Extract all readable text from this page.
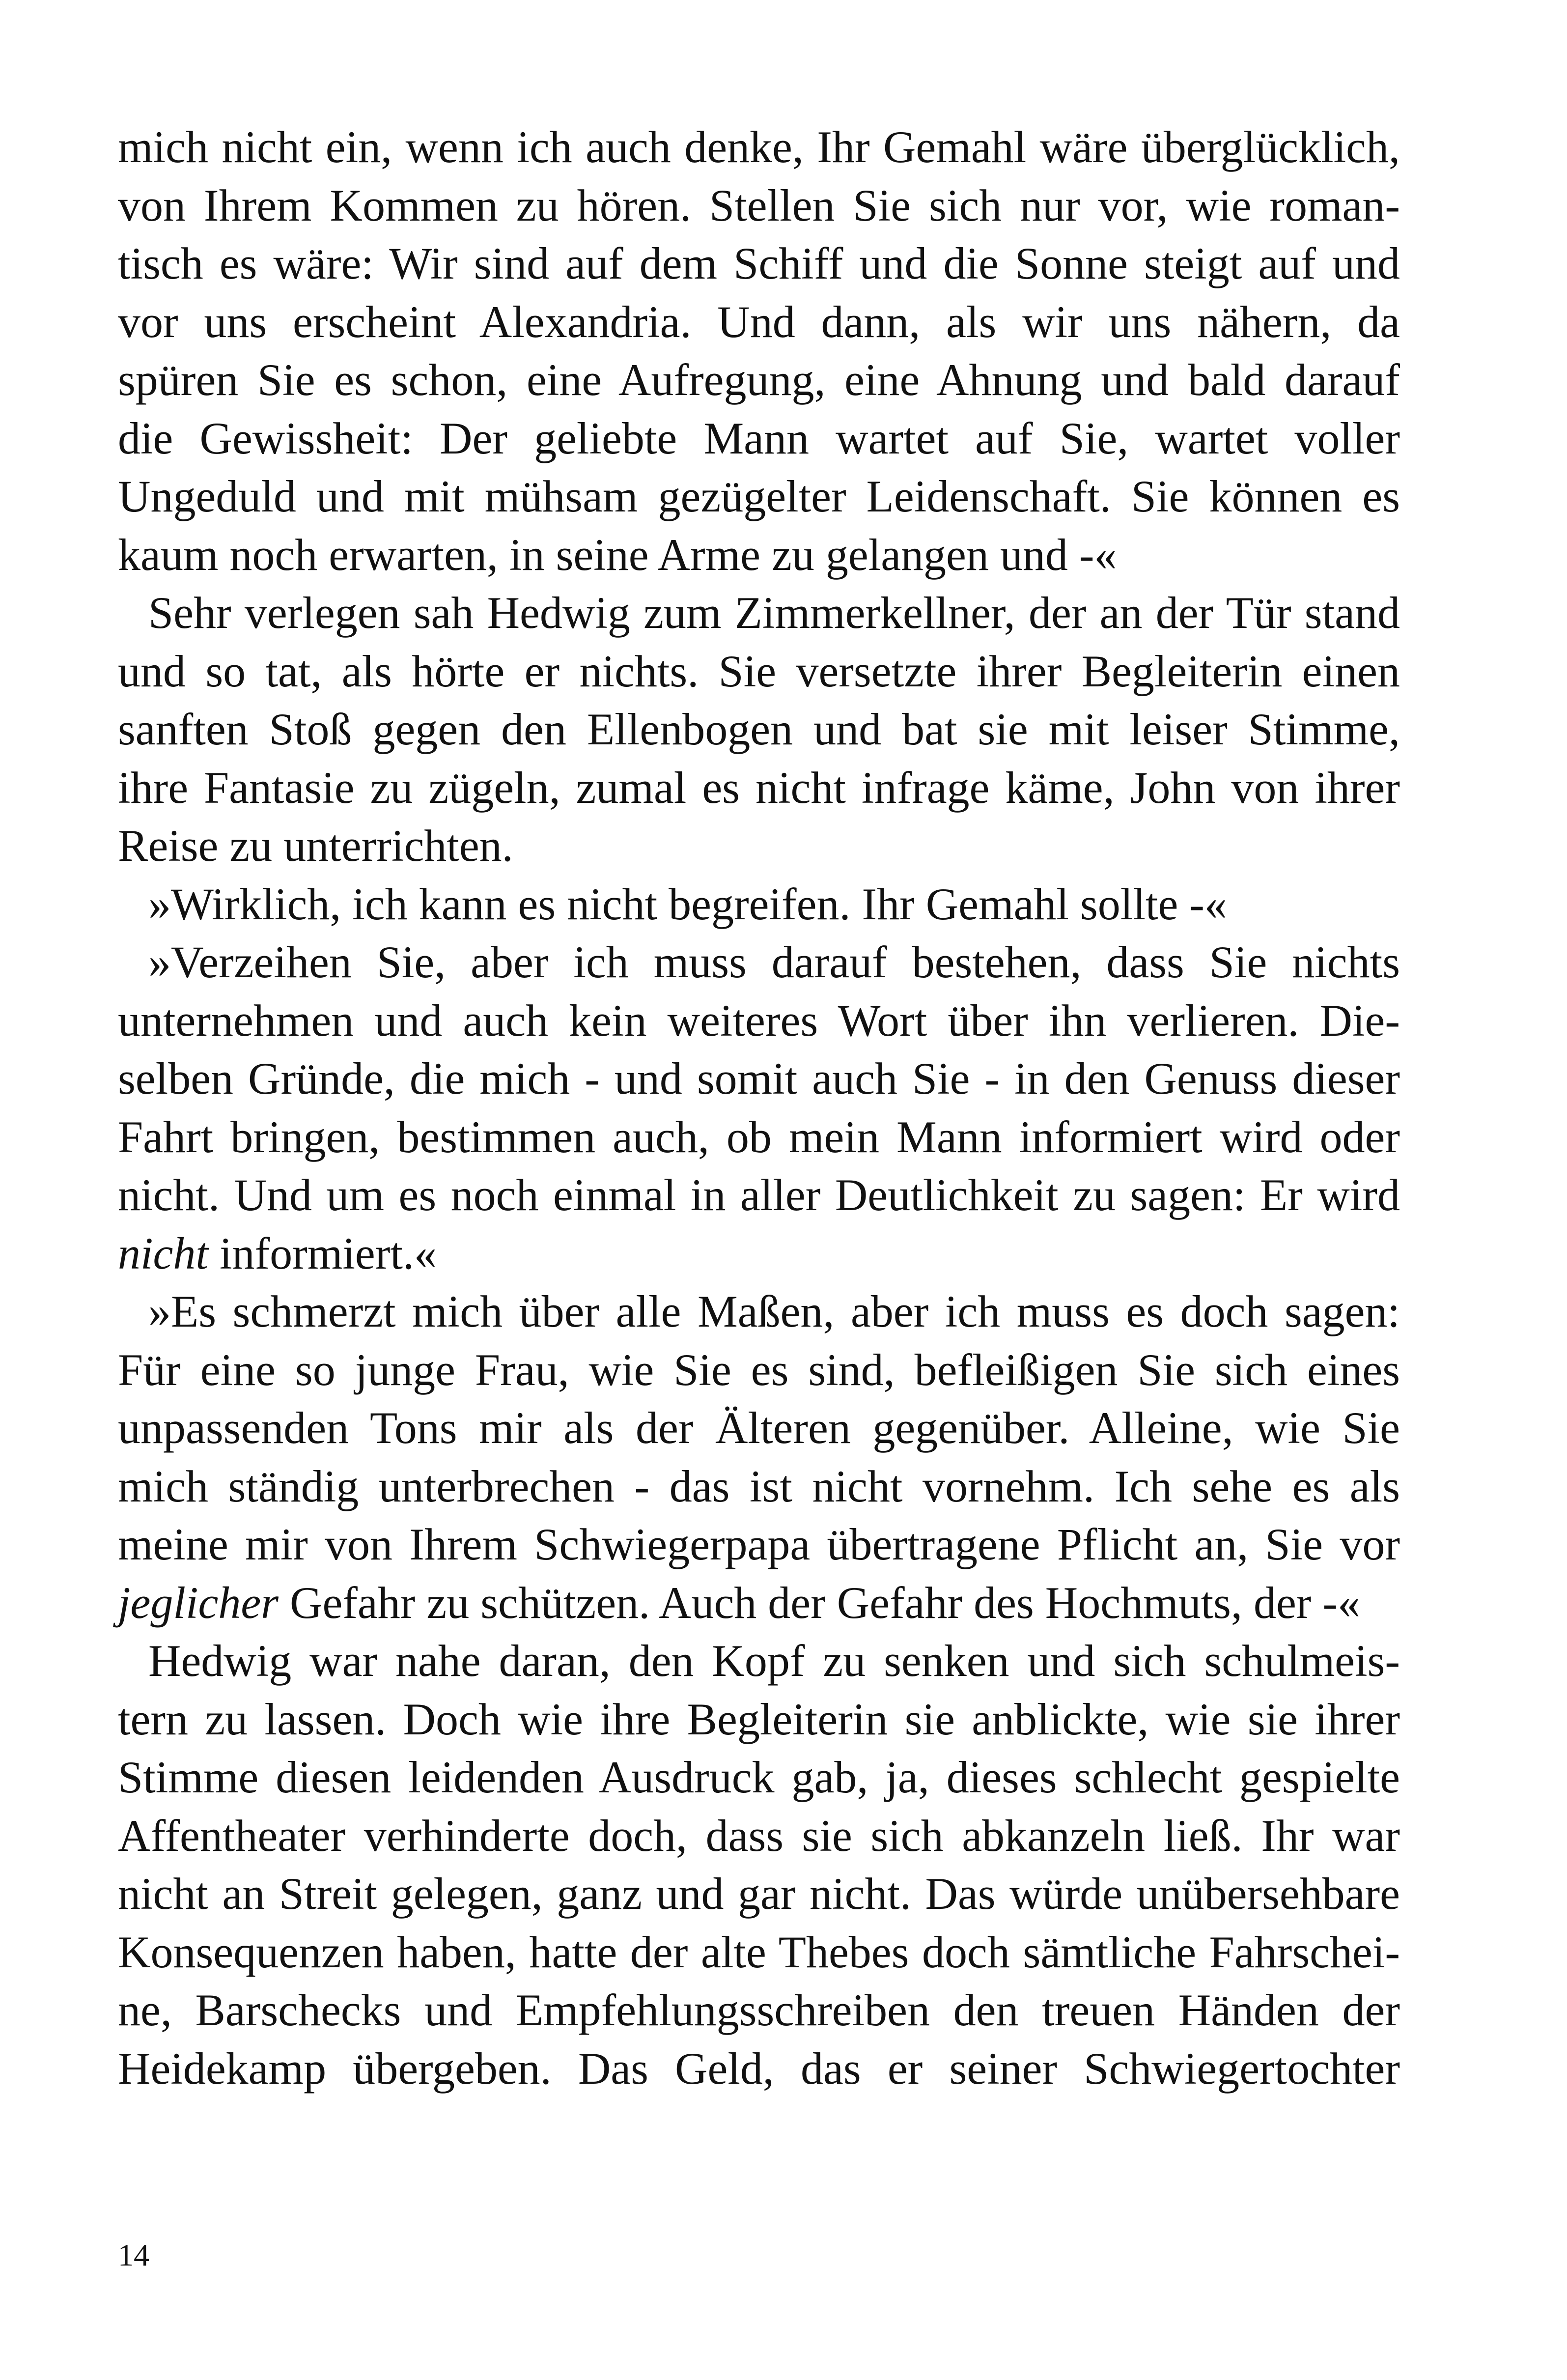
mich nicht ein, wenn ich auch denke, Ihr Gemahl wäre überglücklich,
von Ihrem Kommen zu hören. Stellen Sie sich nur vor, wie roman-
tisch es wäre: Wir sind auf dem Schiff und die Sonne steigt auf und
vor uns erscheint Alexandria. Und dann, als wir uns nähern, da
spüren Sie es schon, eine Aufregung, eine Ahnung und bald darauf
die Gewissheit: Der geliebte Mann wartet auf Sie, wartet voller
Ungeduld und mit mühsam gezügelter Leidenschaft. Sie können es
kaum noch erwarten, in seine Arme zu gelangen und -«
Sehr verlegen sah Hedwig zum Zimmerkellner, der an der Tür stand
und so tat, als hörte er nichts. Sie versetzte ihrer Begleiterin einen
sanften Stoß gegen den Ellenbogen und bat sie mit leiser Stimme,
ihre Fantasie zu zügeln, zumal es nicht infrage käme, John von ihrer
Reise zu unterrichten.
»Wirklich, ich kann es nicht begreifen. Ihr Gemahl sollte -«
»Verzeihen Sie, aber ich muss darauf bestehen, dass Sie nichts
unternehmen und auch kein weiteres Wort über ihn verlieren. Die-
selben Gründe, die mich - und somit auch Sie - in den Genuss dieser
Fahrt bringen, bestimmen auch, ob mein Mann informiert wird oder
nicht. Und um es noch einmal in aller Deutlichkeit zu sagen: Er wird
nicht informiert.«
»Es schmerzt mich über alle Maßen, aber ich muss es doch sagen:
Für eine so junge Frau, wie Sie es sind, befleißigen Sie sich eines
unpassenden Tons mir als der Älteren gegenüber. Alleine, wie Sie
mich ständig unterbrechen - das ist nicht vornehm. Ich sehe es als
meine mir von Ihrem Schwiegerpapa übertragene Pflicht an, Sie vor
jeglicher Gefahr zu schützen. Auch der Gefahr des Hochmuts, der -«
Hedwig war nahe daran, den Kopf zu senken und sich schulmeis-
tern zu lassen. Doch wie ihre Begleiterin sie anblickte, wie sie ihrer
Stimme diesen leidenden Ausdruck gab, ja, dieses schlecht gespielte
Affentheater verhinderte doch, dass sie sich abkanzeln ließ. Ihr war
nicht an Streit gelegen, ganz und gar nicht. Das würde unübersehbare
Konsequenzen haben, hatte der alte Thebes doch sämtliche Fahrschei-
ne, Barschecks und Empfehlungsschreiben den treuen Händen der
Heidekamp übergeben. Das Geld, das er seiner Schwiegertochter
14
